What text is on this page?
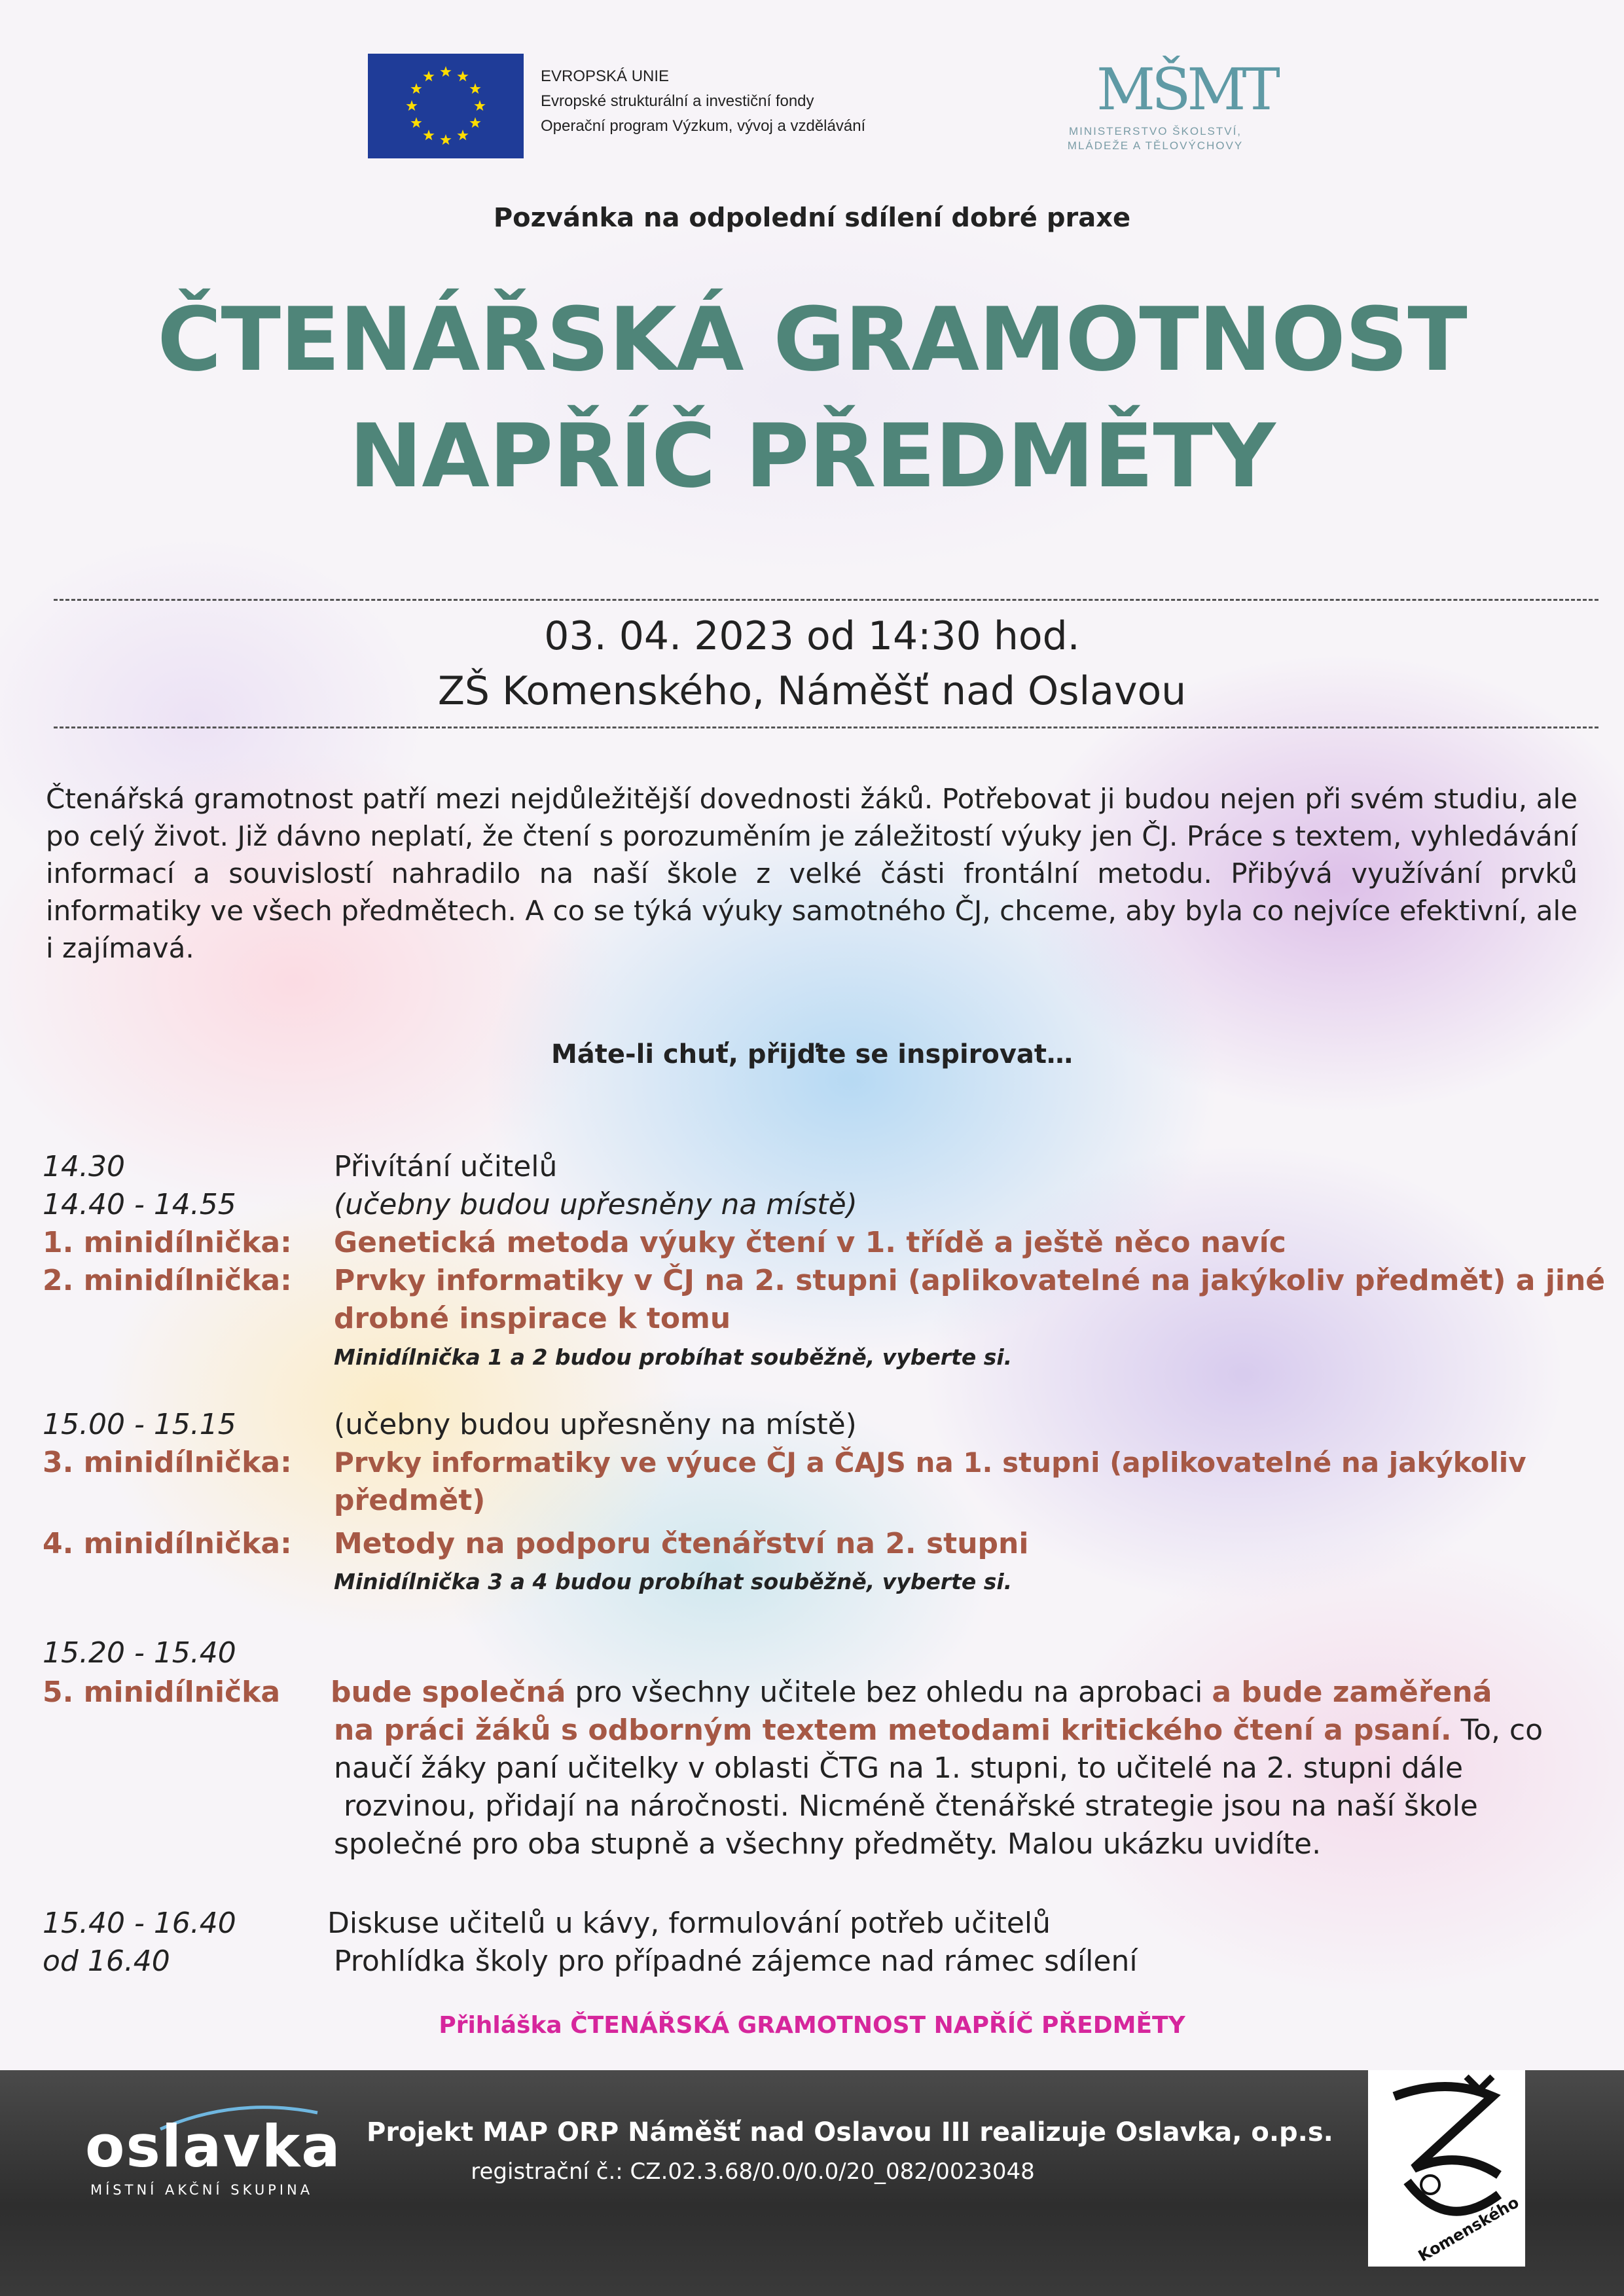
EVROPSKÁ UNIE
Evropské strukturální a investiční fondy
Operační program Výzkum, vývoj a vzdělávání
MŠMT
MINISTERSTVO ŠKOLSTVÍ,
MLÁDEŽE A TĚLOVÝCHOVY
Pozvánka na odpolední sdílení dobré praxe
ČTENÁŘSKÁ GRAMOTNOST
NAPŘÍČ PŘEDMĚTY
03. 04. 2023 od 14:30 hod.
ZŠ Komenského, Náměšť nad Oslavou
Čtenářská gramotnost patří mezi nejdůležitější dovednosti žáků. Potřebovat ji budou nejen při svém studiu, ale po celý život. Již dávno neplatí, že čtení s porozuměním je záležitostí výuky jen ČJ. Práce s textem, vyhledávání informací a souvislostí nahradilo na naší škole z velké části frontální metodu. Přibývá využívání prvků informatiky ve všech předmětech. A co se týká výuky samotného ČJ, chceme, aby byla co nejvíce efektivní, ale i zajímavá.
Máte-li chuť, přijďte se inspirovat…
14.30	Přivítání učitelů
14.40 - 14.55	(učebny budou upřesněny na místě)
1. minidílnička: Genetická metoda výuky čtení v 1. třídě a ještě něco navíc
2. minidílnička: Prvky informatiky v ČJ na 2. stupni (aplikovatelné na jakýkoliv předmět) a jiné
drobné inspirace k tomu
Minidílnička 1 a 2 budou probíhat souběžně, vyberte si.
15.00 - 15.15	(učebny budou upřesněny na místě)
3. minidílnička: Prvky informatiky ve výuce ČJ a ČAJS na 1. stupni (aplikovatelné na jakýkoliv
předmět)
4. minidílnička: Metody na podporu čtenářství na 2. stupni
Minidílnička 3 a 4 budou probíhat souběžně, vyberte si.
15.20 - 15.40
5. minidílnička bude společná pro všechny učitele bez ohledu na aprobaci a bude zaměřená
na práci žáků s odborným textem metodami kritického čtení a psaní. To, co
naučí žáky paní učitelky v oblasti ČTG na 1. stupni, to učitelé na 2. stupni dále
rozvinou, přidají na náročnosti. Nicméně čtenářské strategie jsou na naší škole
společné pro oba stupně a všechny předměty. Malou ukázku uvidíte.
15.40 - 16.40	Diskuse učitelů u kávy, formulování potřeb učitelů
od 16.40	Prohlídka školy pro případné zájemce nad rámec sdílení
Přihláška ČTENÁŘSKÁ GRAMOTNOST NAPŘÍČ PŘEDMĚTY
oslavka
MÍSTNÍ AKČNÍ SKUPINA
Projekt MAP ORP Náměšť nad Oslavou III realizuje Oslavka, o.p.s.
registrační č.: CZ.02.3.68/0.0/0.0/20_082/0023048
Komenského
